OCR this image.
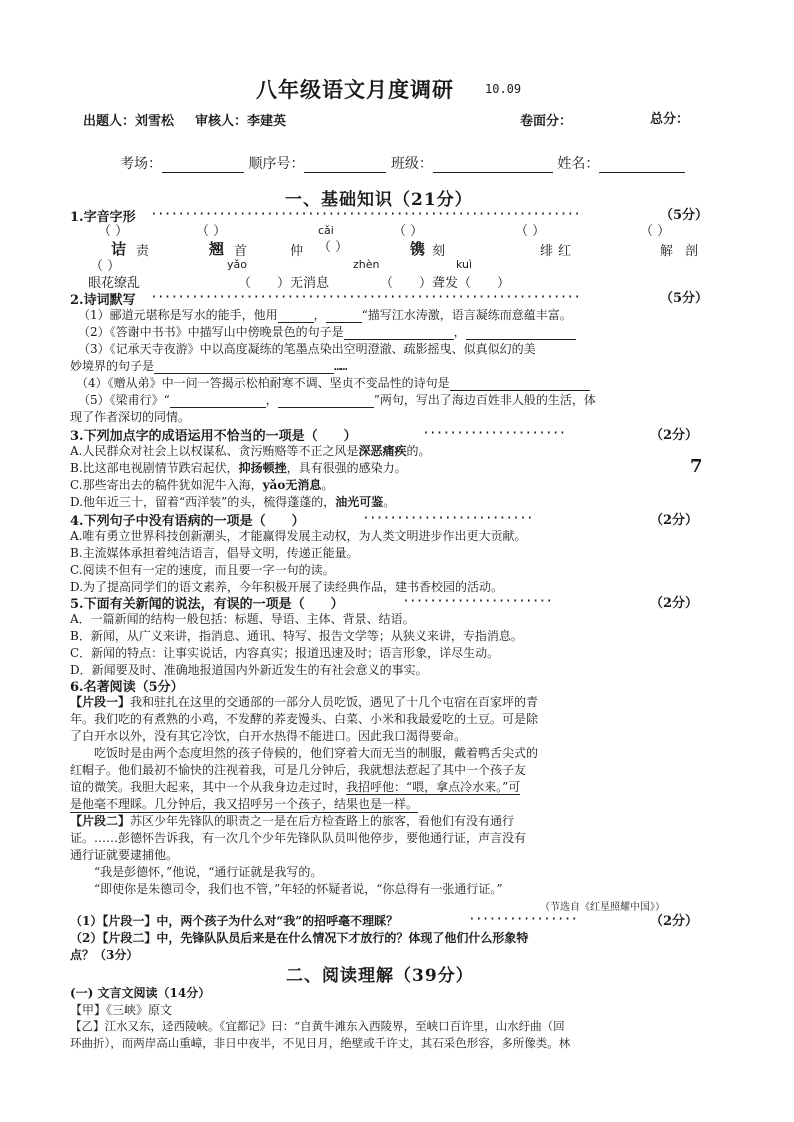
八年级语文月度调研	10.09
出题人：刘雪松 审核人：李建英	卷面分：	总分：
考场：	顺序号：	班级：	姓名：
一、基础知识（21分）
1.字音字形 ·······························································	（5分）
（ ）	（ ）	cǎi	（ ）	（ ）	（ ）
诘 责	翘 首	仲 （ ）	镌 刻	绯 红	解 剖
（ ）	yǎo	zhèn	kuì
眼花缭乱	（　　）无消息	（　　）聋发（　　）
2.诗词默写 ·······························································	（5分）
（1）郦道元堪称是写水的能手，他用	，	“描写江水涛激，语言凝练而意蕴丰富。
（2）《答谢中书书》中描写山中傍晚景色的句子是	，
（3）《记承天寺夜游》中以高度凝练的笔墨点染出空明澄澈、疏影摇曳、似真似幻的美
妙境界的句子是	……
（4）《赠从弟》中一问一答揭示松柏耐寒不调、坚贞不变品性的诗句是
（5）《梁甫行》“	，	”两句，写出了海边百姓非人般的生活，体
现了作者深切的同情。
3.下列加点字的成语运用不恰当的一项是（　　）	·····················	（2分）
A.人民群众对社会上以权谋私、贪污贿赂等不正之风是深恶痛疾的。
B.比这部电视剧情节跌宕起伏，抑扬顿挫，具有很强的感染力。	7
C.那些寄出去的稿件犹如泥牛入海，yǎo无消息。
D.他年近三十，留着“西洋装”的头，梳得蓬蓬的，油光可鉴。
4.下列句子中没有语病的一项是（　　）	·························	（2分）
A.唯有勇立世界科技创新潮头，才能赢得发展主动权，为人类文明进步作出更大贡献。
B.主流媒体承担着纯洁语言，倡导文明，传递正能量。
C.阅读不但有一定的速度，而且要一字一句的读。
D.为了提高同学们的语文素养，今年积极开展了读经典作品，建书香校园的活动。
5.下面有关新闻的说法，有误的一项是（　　）	······················	（2分）
A．一篇新闻的结构一般包括：标题、导语、主体、背景、结语。
B．新闻，从广义来讲，指消息、通讯、特写、报告文学等；从狭义来讲，专指消息。
C．新闻的特点：让事实说话，内容真实；报道迅速及时；语言形象，详尽生动。
D．新闻要及时、准确地报道国内外新近发生的有社会意义的事实。
6.名著阅读（5分）
【片段一】我和驻扎在这里的交通部的一部分人员吃饭，遇见了十几个屯宿在百家坪的青
年。我们吃的有煮熟的小鸡，不发酵的荞麦馒头、白菜、小米和我最爱吃的土豆。可是除
了白开水以外，没有其它冷饮，白开水热得不能进口。因此我口渴得要命。
吃饭时是由两个态度坦然的孩子侍候的，他们穿着大而无当的制服，戴着鸭舌尖式的
红帽子。他们最初不愉快的注视着我，可是几分钟后，我就想法惹起了其中一个孩子友
谊的微笑。我胆大起来，其中一个从我身边走过时，我招呼他：“喂，拿点冷水来。”可
是他毫不理睬。几分钟后，我又招呼另一个孩子，结果也是一样。
【片段二】苏区少年先锋队的职责之一是在后方检查路上的旅客，看他们有没有通行
证。……彭德怀告诉我，有一次几个少年先锋队队员叫他停步，要他通行证，声言没有
通行证就要逮捕他。
“我是彭德怀，”他说，“通行证就是我写的。
“即使你是朱德司令，我们也不管，”年轻的怀疑者说，“你总得有一张通行证。”
（节选自《红星照耀中国》）
（1）【片段一】中，两个孩子为什么对“我”的招呼毫不理睬？	················	（2分）
（2）【片段二】中，先锋队队员后来是在什么情况下才放行的？体现了他们什么形象特
点？（3分）
二、阅读理解（39分）
(一) 文言文阅读（14分）
【甲】《三峡》原文
【乙】江水又东，迳西陵峡。《宜都记》曰：“自黄牛滩东入西陵界，至峡口百许里，山水纡曲（回
环曲折），而两岸高山重嶂，非日中夜半，不见日月，绝壁或千许丈，其石采色形容，多所像类。林
